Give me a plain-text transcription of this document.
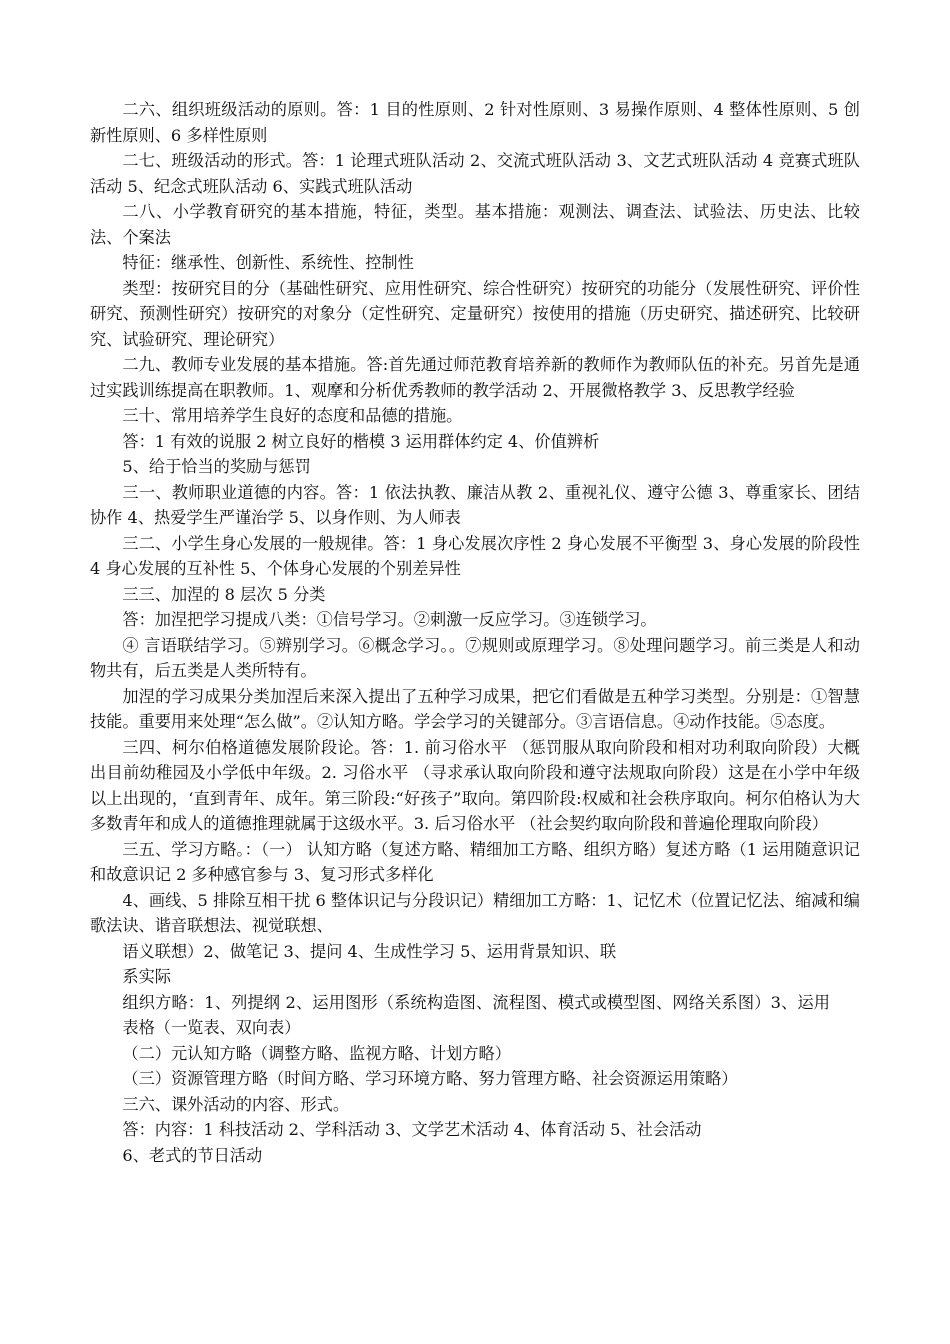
二六、组织班级活动的原则。答：1 目的性原则、2 针对性原则、3 易操作原则、4 整体性原则、5 创新性原则、6 多样性原则

二七、班级活动的形式。答：1 论理式班队活动 2、交流式班队活动 3、文艺式班队活动 4 竞赛式班队活动 5、纪念式班队活动 6、实践式班队活动

二八、小学教育研究的基本措施，特征，类型。基本措施：观测法、调查法、试验法、历史法、比较法、个案法

特征：继承性、创新性、系统性、控制性

类型：按研究目的分（基础性研究、应用性研究、综合性研究）按研究的功能分（发展性研究、评价性研究、预测性研究）按研究的对象分（定性研究、定量研究）按使用的措施（历史研究、描述研究、比较研究、试验研究、理论研究）

二九、教师专业发展的基本措施。答:首先通过师范教育培养新的教师作为教师队伍的补充。另首先是通过实践训练提高在职教师。1、观摩和分析优秀教师的教学活动 2、开展微格教学 3、反思教学经验

三十、常用培养学生良好的态度和品德的措施。

答：1 有效的说服 2 树立良好的楷模 3 运用群体约定 4、价值辨析

5、给于恰当的奖励与惩罚

三一、教师职业道德的内容。答：1 依法执教、廉洁从教 2、重视礼仪、遵守公德 3、尊重家长、团结协作 4、热爱学生严谨治学 5、以身作则、为人师表

三二、小学生身心发展的一般规律。答：1 身心发展次序性 2 身心发展不平衡型 3、身心发展的阶段性 4 身心发展的互补性 5、个体身心发展的个别差异性

三三、加涅的 8 层次 5 分类

答：加涅把学习提成八类：①信号学习。②刺激一反应学习。③连锁学习。

④ 言语联结学习。⑤辨别学习。⑥概念学习。。⑦规则或原理学习。⑧处理问题学习。前三类是人和动物共有，后五类是人类所特有。

加涅的学习成果分类加涅后来深入提出了五种学习成果，把它们看做是五种学习类型。分别是：①智慧技能。重要用来处理“怎么做”。②认知方略。学会学习的关键部分。③言语信息。④动作技能。⑤态度。

三四、柯尔伯格道德发展阶段论。答：1. 前习俗水平 （惩罚服从取向阶段和相对功利取向阶段）大概出目前幼稚园及小学低中年级。2. 习俗水平 （寻求承认取向阶段和遵守法规取向阶段）这是在小学中年级以上出现的，‘直到青年、成年。第三阶段:“好孩子”取向。第四阶段:权威和社会秩序取向。柯尔伯格认为大多数青年和成人的道德推理就属于这级水平。3. 后习俗水平 （社会契约取向阶段和普遍伦理取向阶段）

三五、学习方略。：（一） 认知方略（复述方略、精细加工方略、组织方略）复述方略（1 运用随意识记和故意识记 2 多种感官参与 3、复习形式多样化

4、画线、5 排除互相干扰 6 整体识记与分段识记）精细加工方略：1、记忆术（位置记忆法、缩减和编歌法诀、谐音联想法、视觉联想、

语义联想）2、做笔记 3、提问 4、生成性学习 5、运用背景知识、联

系实际

组织方略：1、列提纲 2、运用图形（系统构造图、流程图、模式或模型图、网络关系图）3、运用表格（一览表、双向表）

（二）元认知方略（调整方略、监视方略、计划方略）

（三）资源管理方略（时间方略、学习环境方略、努力管理方略、社会资源运用策略）

三六、课外活动的内容、形式。

答：内容：1 科技活动 2、学科活动 3、文学艺术活动 4、体育活动 5、社会活动

6、老式的节日活动
